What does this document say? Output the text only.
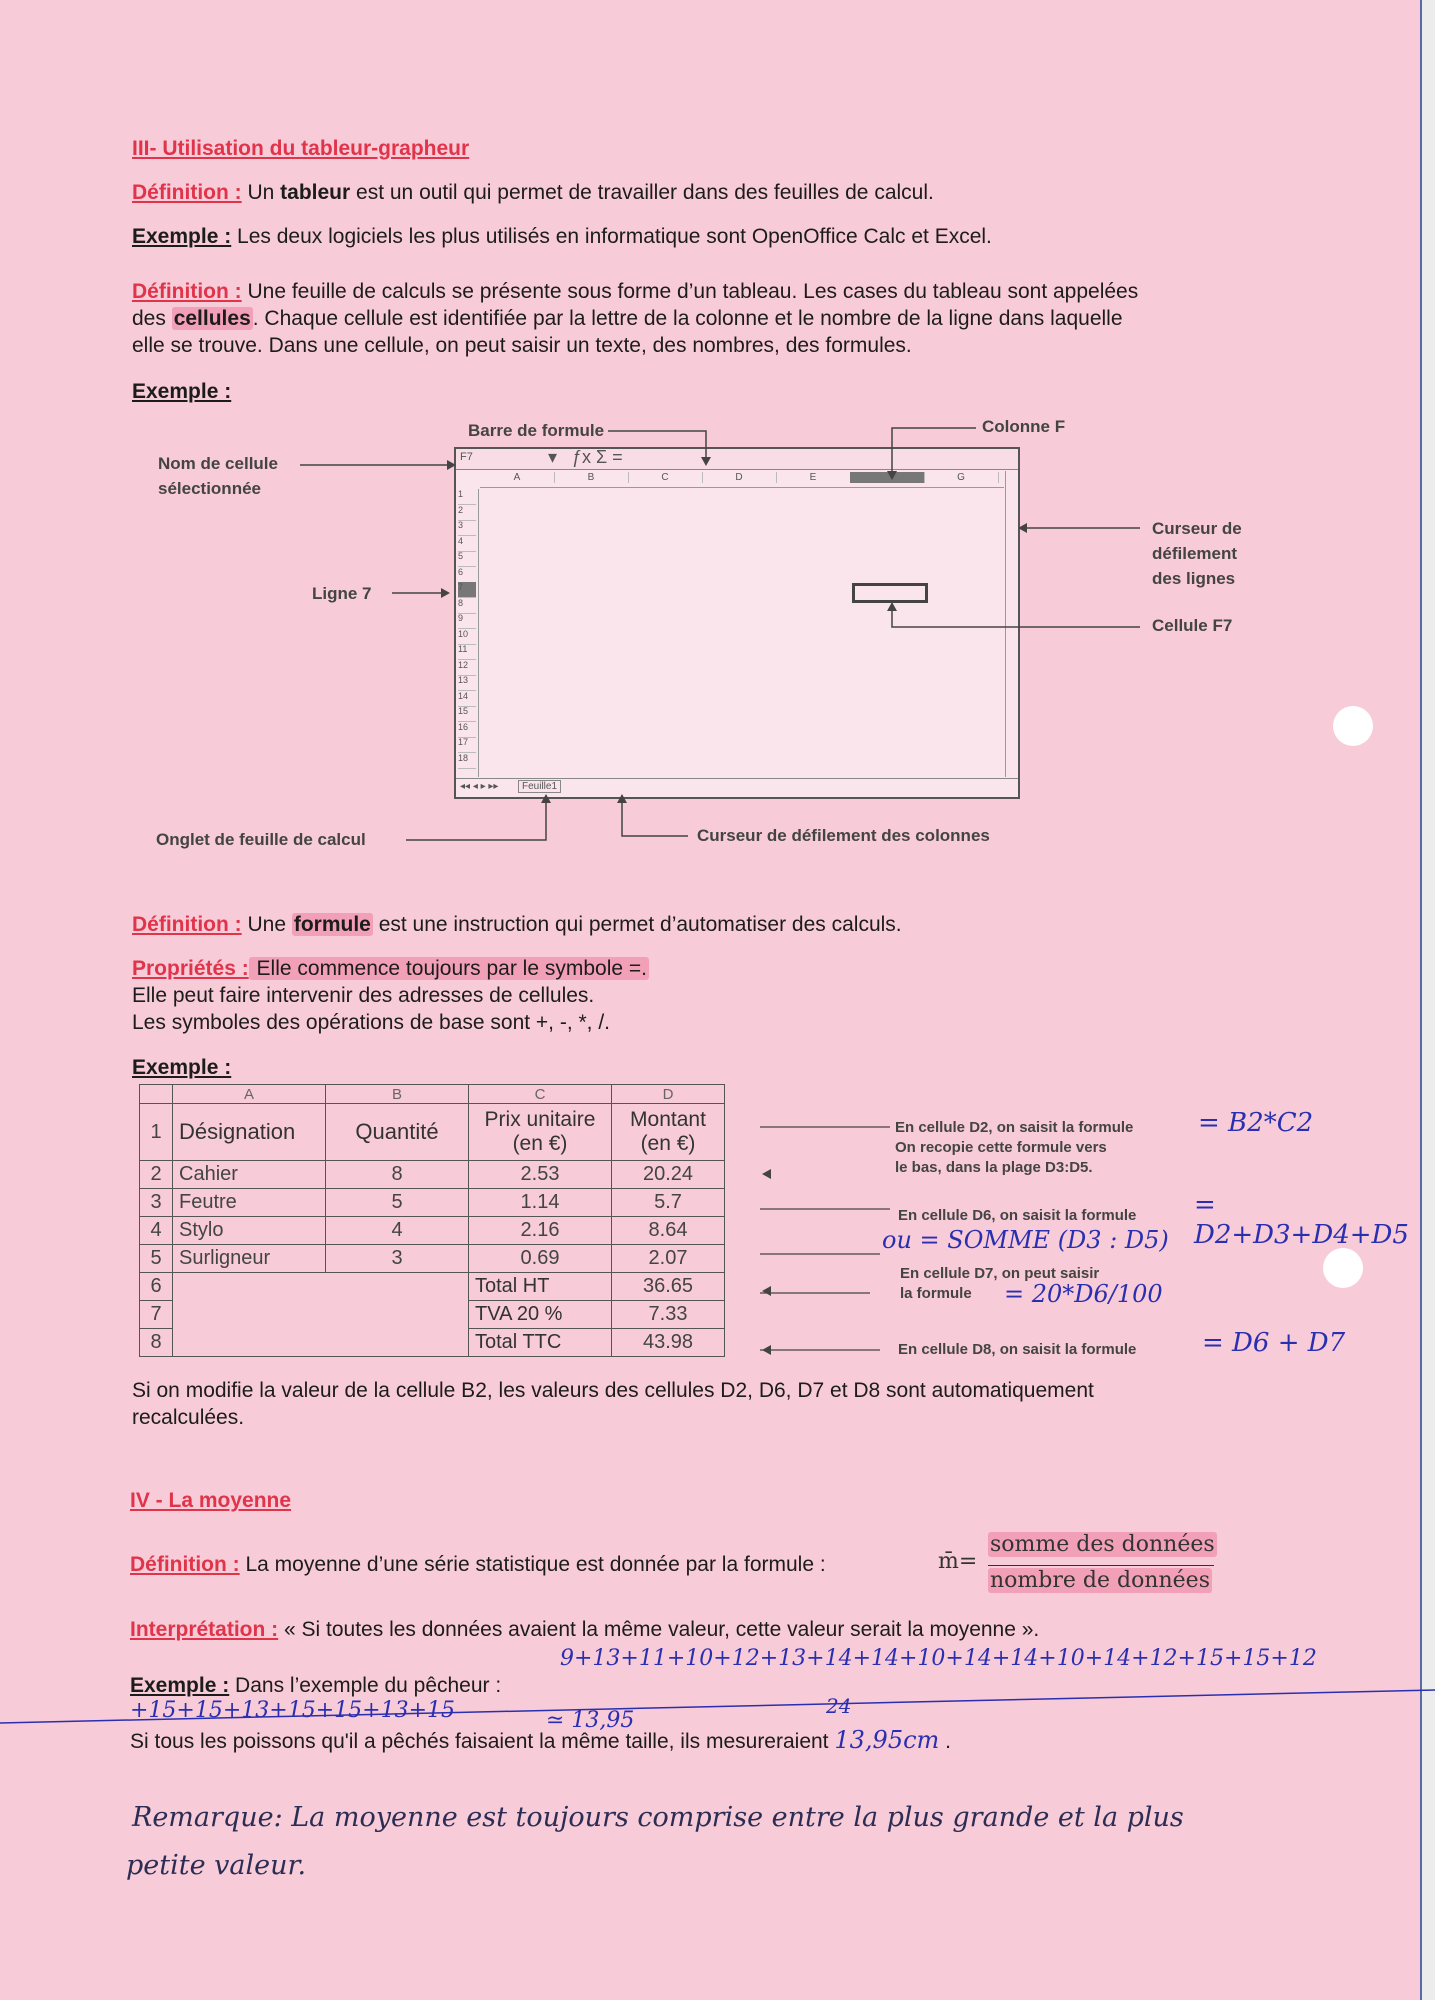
III- Utilisation du tableur-grapheur
Définition : Un tableur est un outil qui permet de travailler dans des feuilles de calcul.
Exemple : Les deux logiciels les plus utilisés en informatique sont OpenOffice Calc et Excel.
Définition : Une feuille de calculs se présente sous forme d’un tableau. Les cases du tableau sont appelées
des cellules. Chaque cellule est identifiée par la lettre de la colonne et le nombre de la ligne dans laquelle
elle se trouve. Dans une cellule, on peut saisir un texte, des nombres, des formules.
Exemple :
F7	▾   ƒx Σ =
A	B	C	D	E	F	G
1
2
3
4
5
6
7
8
9
10
11
12
13
14
15
16
17
18
◂◂ ◂ ▸ ▸▸	Feuille1
Barre de formule	Colonne F
Nom de cellule
sélectionnée
Curseur de
défilement
des lignes
Ligne 7
Cellule F7
Onglet de feuille de calcul	Curseur de défilement des colonnes
Définition : Une formule est une instruction qui permet d’automatiser des calculs.
Propriétés : Elle commence toujours par le symbole =.
Elle peut faire intervenir des adresses de cellules.
Les symboles des opérations de base sont +, -, *, /.
Exemple :
	A	B	C	D
1	Désignation	Quantité	Prix unitaire (en €)	Montant (en €)
2	Cahier	8	2.53	20.24
3	Feutre	5	1.14	5.7
4	Stylo	4	2.16	8.64
5	Surligneur	3	0.69	2.07
6			Total HT	36.65
7			TVA 20 %	7.33
8			Total TTC	43.98
En cellule D2, on saisit la formule
On recopie cette formule vers
le bas, dans la plage D3:D5.
= B2*C2
En cellule D6, on saisit la formule = D2+D3+D4+D5
ou = SOMME (D3 : D5)
En cellule D7, on peut saisir
la formule	= 20*D6/100
En cellule D8, on saisit la formule	= D6 + D7
Si on modifie la valeur de la cellule B2, les valeurs des cellules D2, D6, D7 et D8 sont automatiquement
recalculées.
IV - La moyenne
Définition : La moyenne d’une série statistique est donnée par la formule :	m̄=
somme des données
nombre de données
Interprétation : « Si toutes les données avaient la même valeur, cette valeur serait la moyenne ».
Exemple : Dans l’exemple du pêcheur :
9+13+11+10+12+13+14+14+10+14+14+10+14+12+15+15+12
24
+15+15+13+15+15+13+15	≃ 13,95
Si tous les poissons qu'il a pêchés faisaient la même taille, ils mesureraient 13,95cm .
Remarque: La moyenne est toujours comprise entre la plus grande et la plus
petite valeur.
